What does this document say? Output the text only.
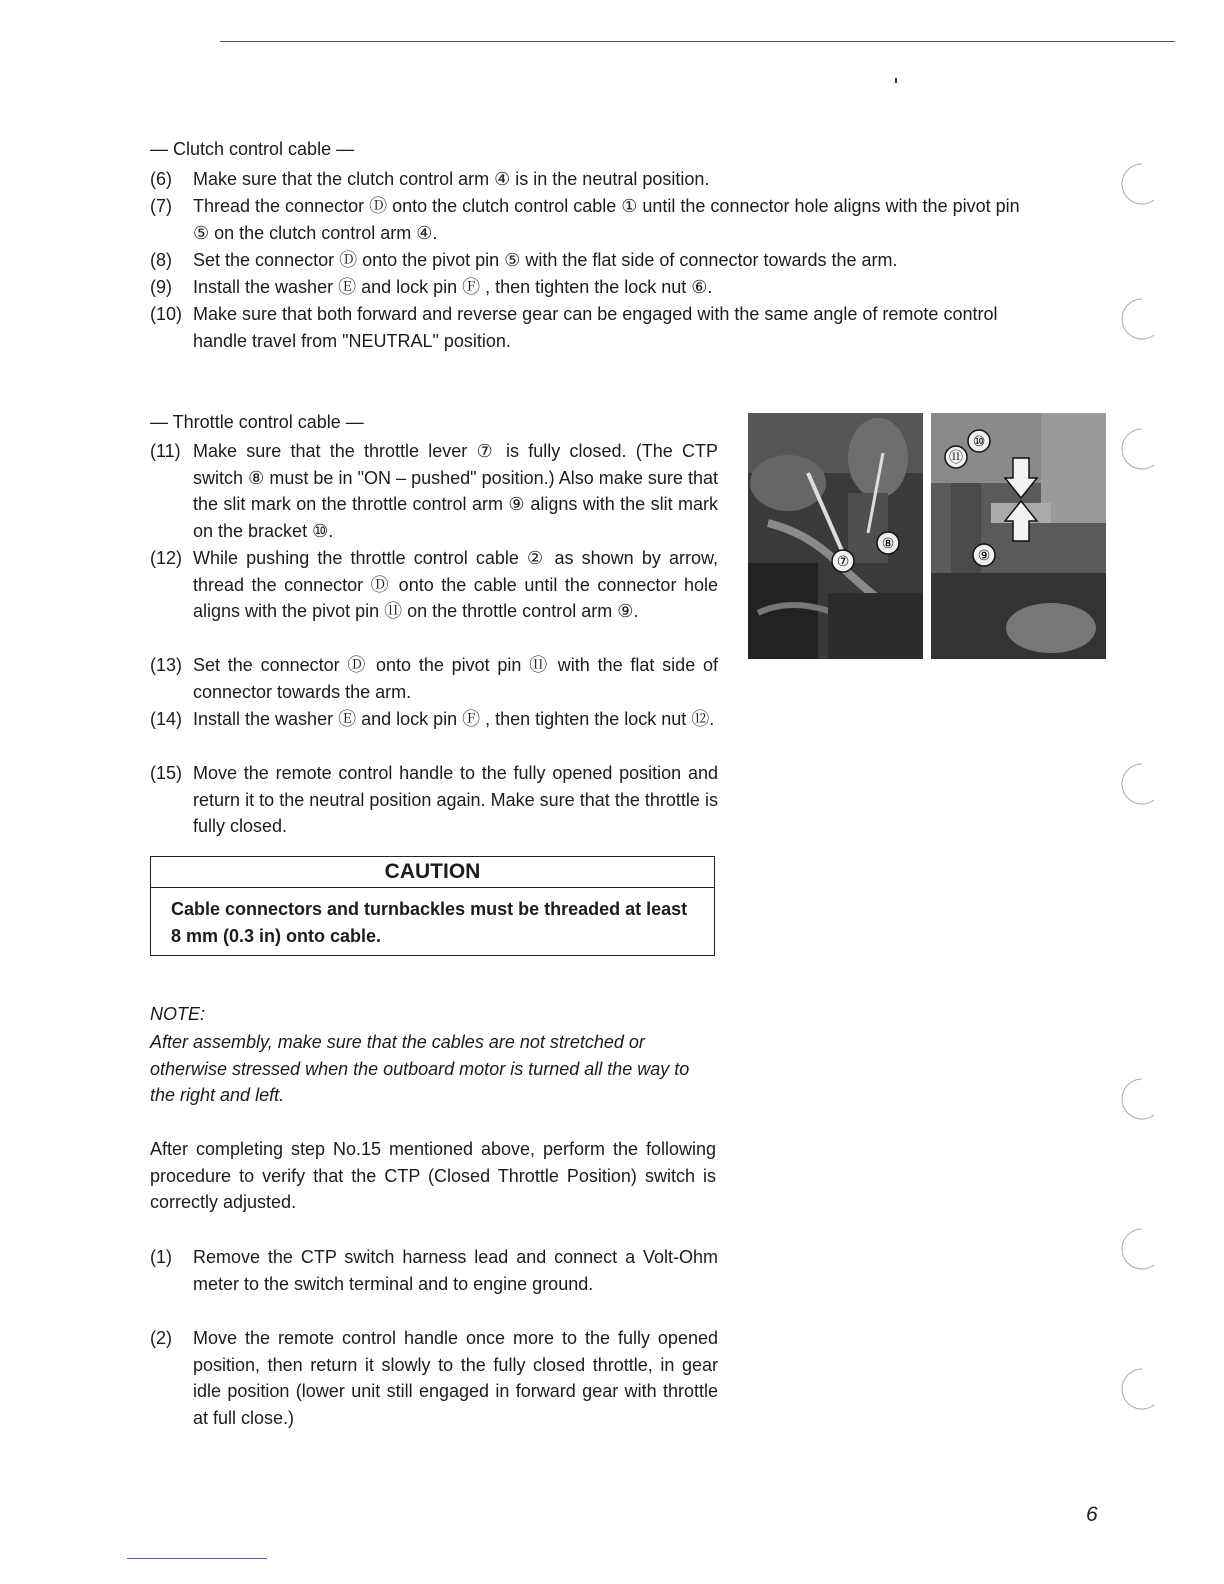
— Clutch control cable —
(6) Make sure that the clutch control arm ④ is in the neutral position.
(7) Thread the connector Ⓓ onto the clutch control cable ① until the connector hole aligns with the pivot pin
⑤ on the clutch control arm ④.
(8) Set the connector Ⓓ onto the pivot pin ⑤ with the flat side of connector towards the arm.
(9) Install the washer Ⓔ and lock pin Ⓕ , then tighten the lock nut ⑥.
(10) Make sure that both forward and reverse gear can be engaged with the same angle of remote control
handle travel from "NEUTRAL" position.
— Throttle control cable —
(11) Make sure that the throttle lever ⑦ is fully closed. (The CTP switch ⑧ must be in "ON – pushed" position.) Also make sure that the slit mark on the throttle control arm ⑨ aligns with the slit mark on the bracket ⑩.
(12) While pushing the throttle control cable ② as shown by arrow, thread the connector Ⓓ onto the cable until the connector hole aligns with the pivot pin ⑪ on the throttle control arm ⑨.
(13) Set the connector Ⓓ onto the pivot pin ⑪ with the flat side of connector towards the arm.
(14) Install the washer Ⓔ and lock pin Ⓕ , then tighten the lock nut ⑫.
(15) Move the remote control handle to the fully opened position and return it to the neutral position again. Make sure that the throttle is fully closed.
⑦
⑧
⑩
⑪
⑨
CAUTION
Cable connectors and turnbackles must be threaded at least 8 mm (0.3 in) onto cable.
NOTE:
After assembly, make sure that the cables are not stretched or otherwise stressed when the outboard motor is turned all the way to the right and left.
After completing step No.15 mentioned above, perform the following procedure to verify that the CTP (Closed Throttle Position) switch is correctly adjusted.
(1) Remove the CTP switch harness lead and connect a Volt-Ohm meter to the switch terminal and to engine ground.
(2) Move the remote control handle once more to the fully opened position, then return it slowly to the fully closed throttle, in gear idle position (lower unit still engaged in forward gear with throttle at full close.)
6
